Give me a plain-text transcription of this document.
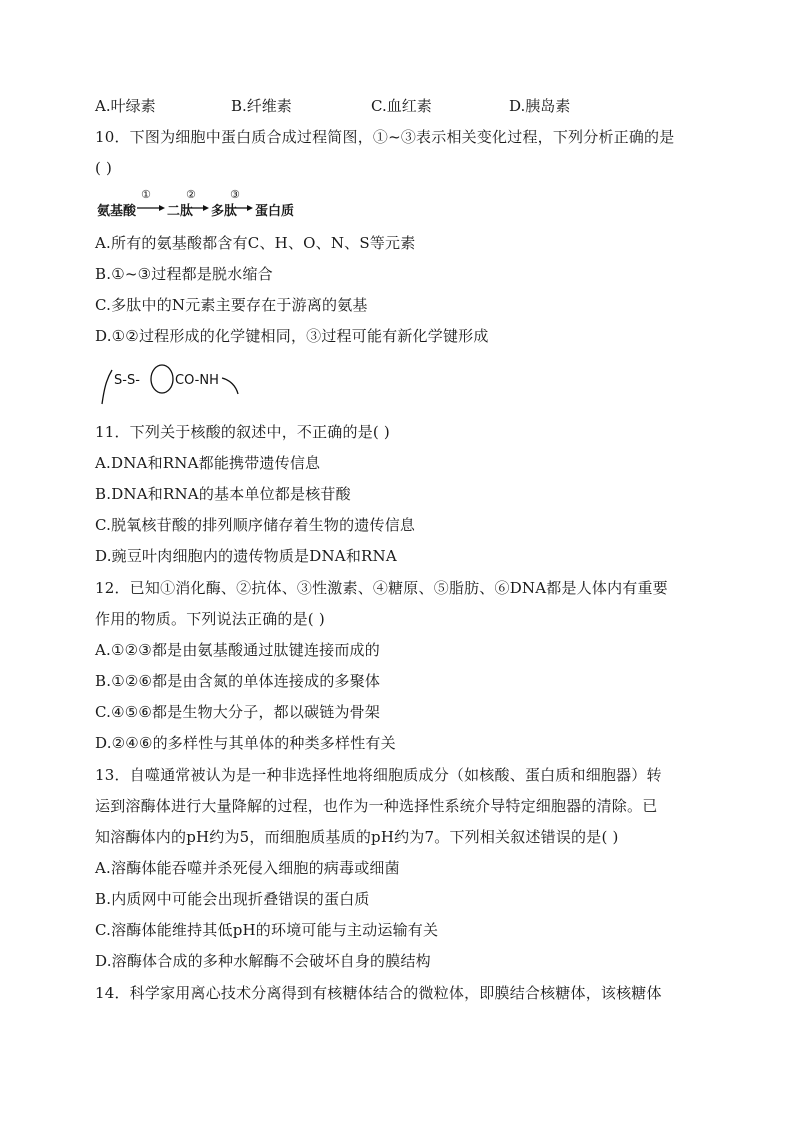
A.叶绿素	B.纤维素	C.血红素	D.胰岛素
10．下图为细胞中蛋白质合成过程简图，①~③表示相关变化过程，下列分析正确的是
( )
氨基酸
①
二肽
②
多肽
③
蛋白质
A.所有的氨基酸都含有C、H、O、N、S等元素
B.①~③过程都是脱水缩合
C.多肽中的N元素主要存在于游离的氨基
D.①②过程形成的化学键相同，③过程可能有新化学键形成
S-S-	CO-NH
11．下列关于核酸的叙述中，不正确的是( )
A.DNA和RNA都能携带遗传信息
B.DNA和RNA的基本单位都是核苷酸
C.脱氧核苷酸的排列顺序储存着生物的遗传信息
D.豌豆叶肉细胞内的遗传物质是DNA和RNA
12．已知①消化酶、②抗体、③性激素、④糖原、⑤脂肪、⑥DNA都是人体内有重要
作用的物质。下列说法正确的是( )
A.①②③都是由氨基酸通过肽键连接而成的
B.①②⑥都是由含氮的单体连接成的多聚体
C.④⑤⑥都是生物大分子，都以碳链为骨架
D.②④⑥的多样性与其单体的种类多样性有关
13．自噬通常被认为是一种非选择性地将细胞质成分（如核酸、蛋白质和细胞器）转
运到溶酶体进行大量降解的过程，也作为一种选择性系统介导特定细胞器的清除。已
知溶酶体内的pH约为5，而细胞质基质的pH约为7。下列相关叙述错误的是( )
A.溶酶体能吞噬并杀死侵入细胞的病毒或细菌
B.内质网中可能会出现折叠错误的蛋白质
C.溶酶体能维持其低pH的环境可能与主动运输有关
D.溶酶体合成的多种水解酶不会破坏自身的膜结构
14．科学家用离心技术分离得到有核糖体结合的微粒体，即膜结合核糖体，该核糖体
